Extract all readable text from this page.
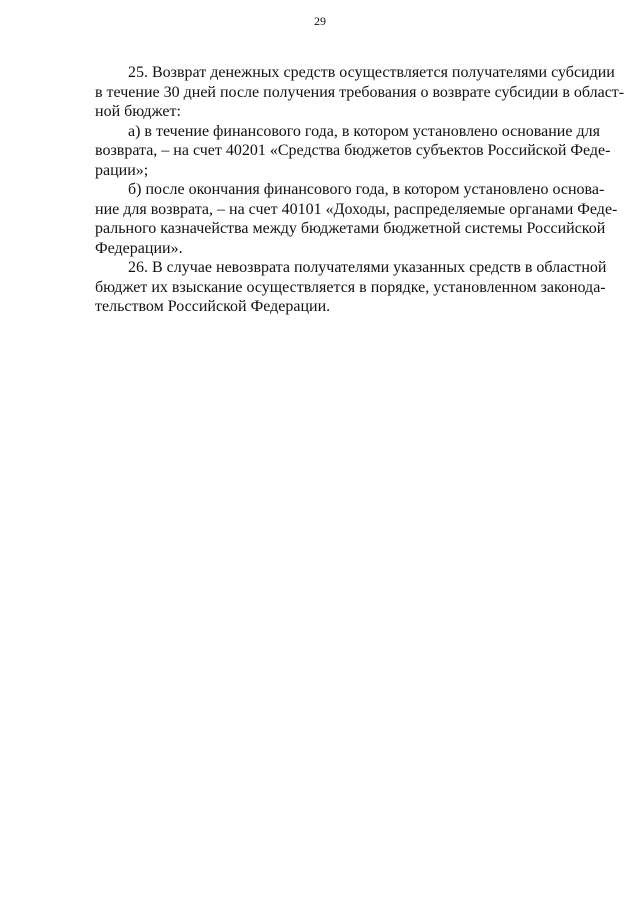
29
25. Возврат денежных средств осуществляется получателями субсидии
в течение 30 дней после получения требования о возврате субсидии в област-
ной бюджет:
а) в течение финансового года, в котором установлено основание для
возврата, – на счет 40201 «Средства бюджетов субъектов Российской Феде-
рации»;
б) после окончания финансового года, в котором установлено основа-
ние для возврата, – на счет 40101 «Доходы, распределяемые органами Феде-
рального казначейства между бюджетами бюджетной системы Российской
Федерации».
26. В случае невозврата получателями указанных средств в областной
бюджет их взыскание осуществляется в порядке, установленном законода-
тельством Российской Федерации.
